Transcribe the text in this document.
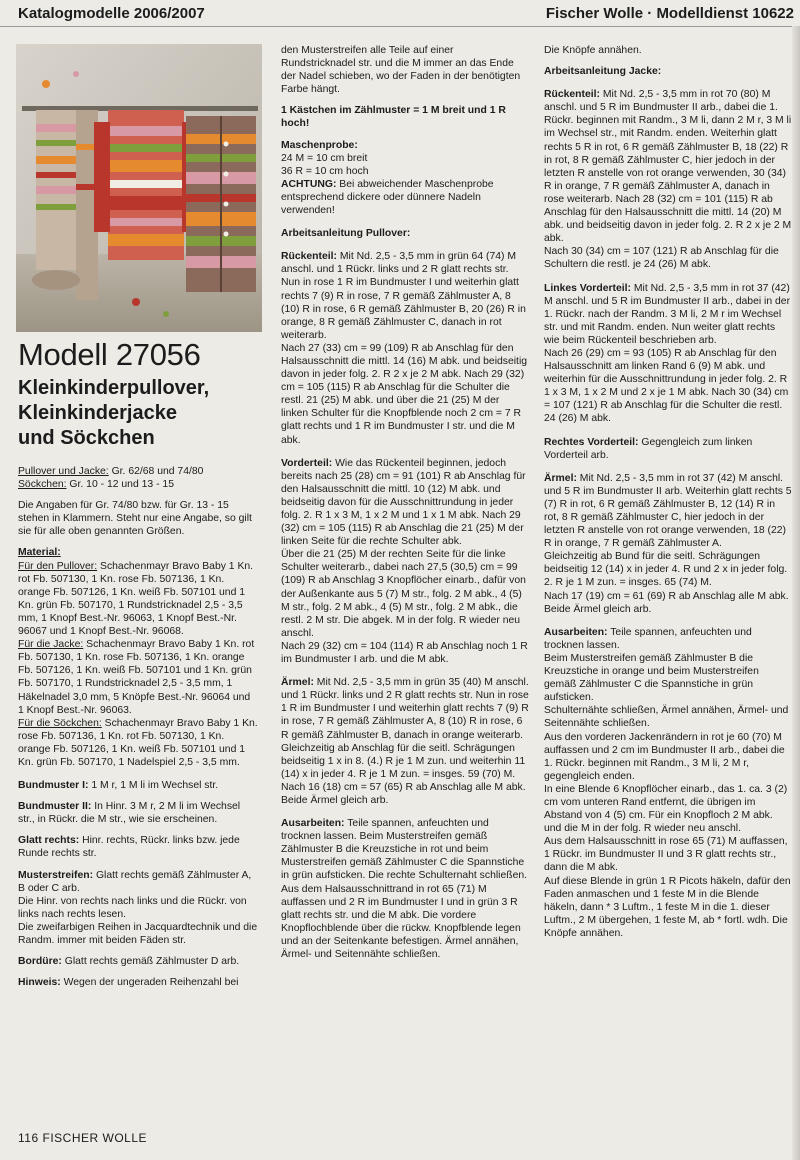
Katalogmodelle 2006/2007	Fischer Wolle · Modelldienst 10622
Modell 27056
Kleinkinderpullover,
Kleinkinderjacke
und Söckchen

Pullover und Jacke: Gr. 62/68 und 74/80
Söckchen: Gr. 10 - 12 und 13 - 15

Die Angaben für Gr. 74/80 bzw. für Gr. 13 - 15 stehen in Klammern. Steht nur eine Angabe, so gilt sie für alle oben genannten Größen.

Material:
Für den Pullover: Schachenmayr Bravo Baby 1 Kn. rot Fb. 507130, 1 Kn. rose Fb. 507136, 1 Kn. orange Fb. 507126, 1 Kn. weiß Fb. 507101 und 1 Kn. grün Fb. 507170, 1 Rundstricknadel 2,5 - 3,5 mm, 1 Knopf Best.-Nr. 96063, 1 Knopf Best.-Nr. 96067 und 1 Knopf Best.-Nr. 96068.
Für die Jacke: Schachenmayr Bravo Baby 1 Kn. rot Fb. 507130, 1 Kn. rose Fb. 507136, 1 Kn. orange Fb. 507126, 1 Kn. weiß Fb. 507101 und 1 Kn. grün Fb. 507170, 1 Rundstricknadel 2,5 - 3,5 mm, 1 Häkelnadel 3,0 mm, 5 Knöpfe Best.-Nr. 96064 und 1 Knopf Best.-Nr. 96063.
Für die Söckchen: Schachenmayr Bravo Baby 1 Kn. rose Fb. 507136, 1 Kn. rot Fb. 507130, 1 Kn. orange Fb. 507126, 1 Kn. weiß Fb. 507101 und 1 Kn. grün Fb. 507170, 1 Nadelspiel 2,5 - 3,5 mm.

Bundmuster I: 1 M r, 1 M li im Wechsel str.

Bundmuster II: In Hinr. 3 M r, 2 M li im Wechsel str., in Rückr. die M str., wie sie erscheinen.

Glatt rechts: Hinr. rechts, Rückr. links bzw. jede Runde rechts str.

Musterstreifen: Glatt rechts gemäß Zählmuster A, B oder C arb.
Die Hinr. von rechts nach links und die Rückr. von links nach rechts lesen.
Die zweifarbigen Reihen in Jacquardtechnik und die Randm. immer mit beiden Fäden str.

Bordüre: Glatt rechts gemäß Zählmuster D arb.

Hinweis: Wegen der ungeraden Reihenzahl bei

den Musterstreifen alle Teile auf einer Rundstricknadel str. und die M immer an das Ende der Nadel schieben, wo der Faden in der benötigten Farbe hängt.

1 Kästchen im Zählmuster = 1 M breit und 1 R hoch!

Maschenprobe:
24 M = 10 cm breit
36 R = 10 cm hoch
ACHTUNG: Bei abweichender Maschenprobe entsprechend dickere oder dünnere Nadeln verwenden!

Arbeitsanleitung Pullover:

Rückenteil: Mit Nd. 2,5 - 3,5 mm in grün 64 (74) M anschl. und 1 Rückr. links und 2 R glatt rechts str. Nun in rose 1 R im Bundmuster I und weiterhin glatt rechts 7 (9) R in rose, 7 R gemäß Zählmuster A, 8 (10) R in rose, 6 R gemäß Zählmuster B, 20 (26) R in orange, 8 R gemäß Zählmuster C, danach in rot weiterarb.
Nach 27 (33) cm = 99 (109) R ab Anschlag für den Halsausschnitt die mittl. 14 (16) M abk. und beidseitig davon in jeder folg. 2. R 2 x je 2 M abk. Nach 29 (32) cm = 105 (115) R ab Anschlag für die Schulter die restl. 21 (25) M abk. und über die 21 (25) M der linken Schulter für die Knopfblende noch 2 cm = 7 R glatt rechts und 1 R im Bundmuster I str. und die M abk.

Vorderteil: Wie das Rückenteil beginnen, jedoch bereits nach 25 (28) cm = 91 (101) R ab Anschlag für den Halsausschnitt die mittl. 10 (12) M abk. und beidseitig davon für die Ausschnittrundung in jeder folg. 2. R 1 x 3 M, 1 x 2 M und 1 x 1 M abk. Nach 29 (32) cm = 105 (115) R ab Anschlag die 21 (25) M der linken Seite für die rechte Schulter abk.
Über die 21 (25) M der rechten Seite für die linke Schulter weiterarb., dabei nach 27,5 (30,5) cm = 99 (109) R ab Anschlag 3 Knopflöcher einarb., dafür von der Außenkante aus 5 (7) M str., folg. 2 M abk., 4 (5) M str., folg. 2 M abk., 4 (5) M str., folg. 2 M abk., die restl. 2 M str. Die abgek. M in der folg. R wieder neu anschl.
Nach 29 (32) cm = 104 (114) R ab Anschlag noch 1 R im Bundmuster I arb. und die M abk.

Ärmel: Mit Nd. 2,5 - 3,5 mm in grün 35 (40) M anschl. und 1 Rückr. links und 2 R glatt rechts str. Nun in rose 1 R im Bundmuster I und weiterhin glatt rechts 7 (9) R in rose, 7 R gemäß Zählmuster A, 8 (10) R in rose, 6 R gemäß Zählmuster B, danach in orange weiterarb. Gleichzeitig ab Anschlag für die seitl. Schrägungen beidseitig 1 x in 8. (4.) R je 1 M zun. und weiterhin 11 (14) x in jeder 4. R je 1 M zun. = insges. 59 (70) M.
Nach 16 (18) cm = 57 (65) R ab Anschlag alle M abk. Beide Ärmel gleich arb.

Ausarbeiten: Teile spannen, anfeuchten und trocknen lassen. Beim Musterstreifen gemäß Zählmuster B die Kreuzstiche in rot und beim Musterstreifen gemäß Zählmuster C die Spannstiche in grün aufsticken. Die rechte Schulternaht schließen. Aus dem Halsausschnittrand in rot 65 (71) M auffassen und 2 R im Bundmuster I und in grün 3 R glatt rechts str. und die M abk. Die vordere Knopflochblende über die rückw. Knopfblende legen und an der Seitenkante befestigen. Ärmel annähen, Ärmel- und Seitennähte schließen.

Die Knöpfe annähen.

Arbeitsanleitung Jacke:

Rückenteil: Mit Nd. 2,5 - 3,5 mm in rot 70 (80) M anschl. und 5 R im Bundmuster II arb., dabei die 1. Rückr. beginnen mit Randm., 3 M li, dann 2 M r, 3 M li im Wechsel str., mit Randm. enden. Weiterhin glatt rechts 5 R in rot, 6 R gemäß Zählmuster B, 18 (22) R in rot, 8 R gemäß Zählmuster C, hier jedoch in der letzten R anstelle von rot orange verwenden, 30 (34) R in orange, 7 R gemäß Zählmuster A, danach in rose weiterarb. Nach 28 (32) cm = 101 (115) R ab Anschlag für den Halsausschnitt die mittl. 14 (20) M abk. und beidseitig davon in jeder folg. 2. R 2 x je 2 M abk.
Nach 30 (34) cm = 107 (121) R ab Anschlag für die Schultern die restl. je 24 (26) M abk.

Linkes Vorderteil: Mit Nd. 2,5 - 3,5 mm in rot 37 (42) M anschl. und 5 R im Bundmuster II arb., dabei in der 1. Rückr. nach der Randm. 3 M li, 2 M r im Wechsel str. und mit Randm. enden. Nun weiter glatt rechts wie beim Rückenteil beschrieben arb.
Nach 26 (29) cm = 93 (105) R ab Anschlag für den Halsausschnitt am linken Rand 6 (9) M abk. und weiterhin für die Ausschnittrundung in jeder folg. 2. R 1 x 3 M, 1 x 2 M und 2 x je 1 M abk. Nach 30 (34) cm = 107 (121) R ab Anschlag für die Schulter die restl. 24 (26) M abk.

Rechtes Vorderteil: Gegengleich zum linken Vorderteil arb.

Ärmel: Mit Nd. 2,5 - 3,5 mm in rot 37 (42) M anschl. und 5 R im Bundmuster II arb. Weiterhin glatt rechts 5 (7) R in rot, 6 R gemäß Zählmuster B, 12 (14) R in rot, 8 R gemäß Zählmuster C, hier jedoch in der letzten R anstelle von rot orange verwenden, 18 (22) R in orange, 7 R gemäß Zählmuster A.
Gleichzeitig ab Bund für die seitl. Schrägungen beidseitig 12 (14) x in jeder 4. R und 2 x in jeder folg. 2. R je 1 M zun. = insges. 65 (74) M.
Nach 17 (19) cm = 61 (69) R ab Anschlag alle M abk. Beide Ärmel gleich arb.

Ausarbeiten: Teile spannen, anfeuchten und trocknen lassen.
Beim Musterstreifen gemäß Zählmuster B die Kreuzstiche in orange und beim Musterstreifen gemäß Zählmuster C die Spannstiche in grün aufsticken.
Schulternähte schließen, Ärmel annähen, Ärmel- und Seitennähte schließen.
Aus den vorderen Jackenrändern in rot je 60 (70) M auffassen und 2 cm im Bundmuster II arb., dabei die 1. Rückr. beginnen mit Randm., 3 M li, 2 M r, gegengleich enden.
In eine Blende 6 Knopflöcher einarb., das 1. ca. 3 (2) cm vom unteren Rand entfernt, die übrigen im Abstand von 4 (5) cm. Für ein Knopfloch 2 M abk. und die M in der folg. R wieder neu anschl.
Aus dem Halsausschnitt in rose 65 (71) M auffassen, 1 Rückr. im Bundmuster II und 3 R glatt rechts str., dann die M abk.
Auf diese Blende in grün 1 R Picots häkeln, dafür den Faden anmaschen und 1 feste M in die Blende häkeln, dann * 3 Luftm., 1 feste M in die 1. dieser Luftm., 2 M übergehen, 1 feste M, ab * fortl. wdh. Die Knöpfe annähen.

116 FISCHER WOLLE
